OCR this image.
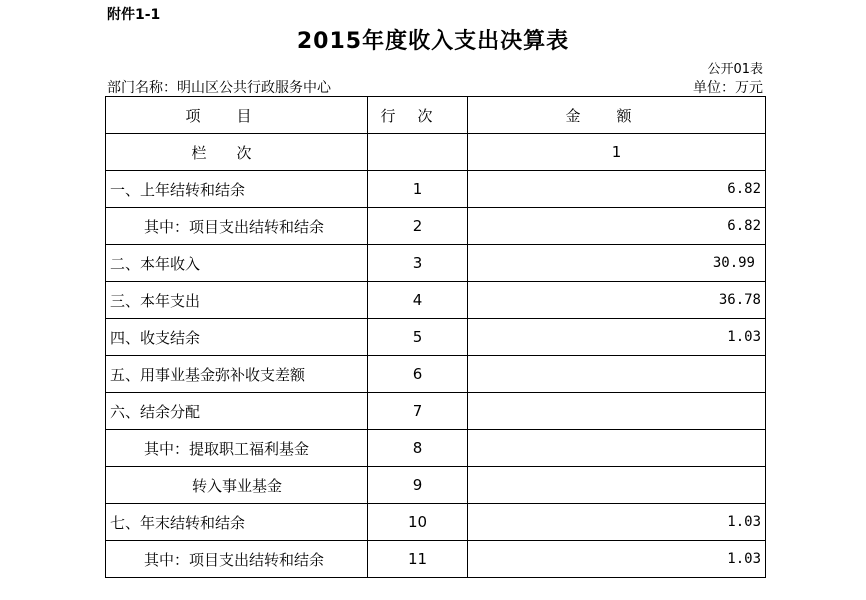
附件1-1
2015年度收入支出决算表
公开01表
部门名称：明山区公共行政服务中心	单位：万元
项目	行次	金额
栏次		1
一、上年结转和结余	1	6.82
其中：项目支出结转和结余	2	6.82
二、本年收入	3	30.99
三、本年支出	4	36.78
四、收支结余	5	1.03
五、用事业基金弥补收支差额	6	
六、结余分配	7	
其中：提取职工福利基金	8	
转入事业基金	9	
七、年末结转和结余	10	1.03
其中：项目支出结转和结余	11	1.03
